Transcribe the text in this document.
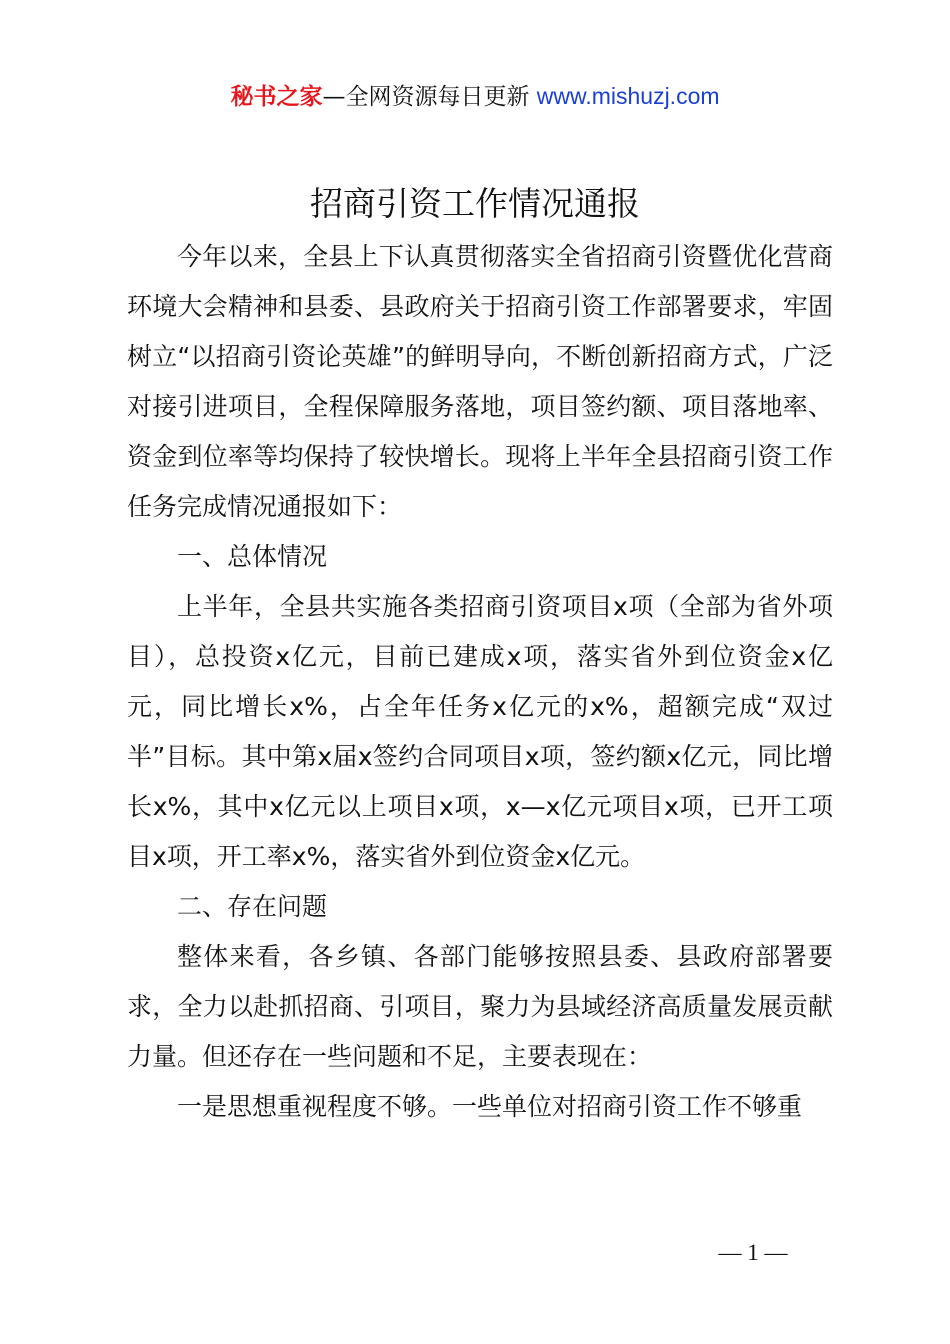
秘书之家—全网资源每日更新 www.mishuzj.com
招商引资工作情况通报

今年以来，全县上下认真贯彻落实全省招商引资暨优化营商环境大会精神和县委、县政府关于招商引资工作部署要求，牢固树立“以招商引资论英雄”的鲜明导向，不断创新招商方式，广泛对接引进项目，全程保障服务落地，项目签约额、项目落地率、资金到位率等均保持了较快增长。现将上半年全县招商引资工作任务完成情况通报如下：

一、总体情况

上半年，全县共实施各类招商引资项目x项（全部为省外项目），总投资x亿元，目前已建成x项，落实省外到位资金x亿元，同比增长x%，占全年任务x亿元的x%，超额完成“双过半”目标。其中第x届x签约合同项目x项，签约额x亿元，同比增长x%，其中x亿元以上项目x项，x—x亿元项目x项，已开工项目x项，开工率x%，落实省外到位资金x亿元。

二、存在问题

整体来看，各乡镇、各部门能够按照县委、县政府部署要求，全力以赴抓招商、引项目，聚力为县域经济高质量发展贡献力量。但还存在一些问题和不足，主要表现在：

一是思想重视程度不够。一些单位对招商引资工作不够重

— 1 —
